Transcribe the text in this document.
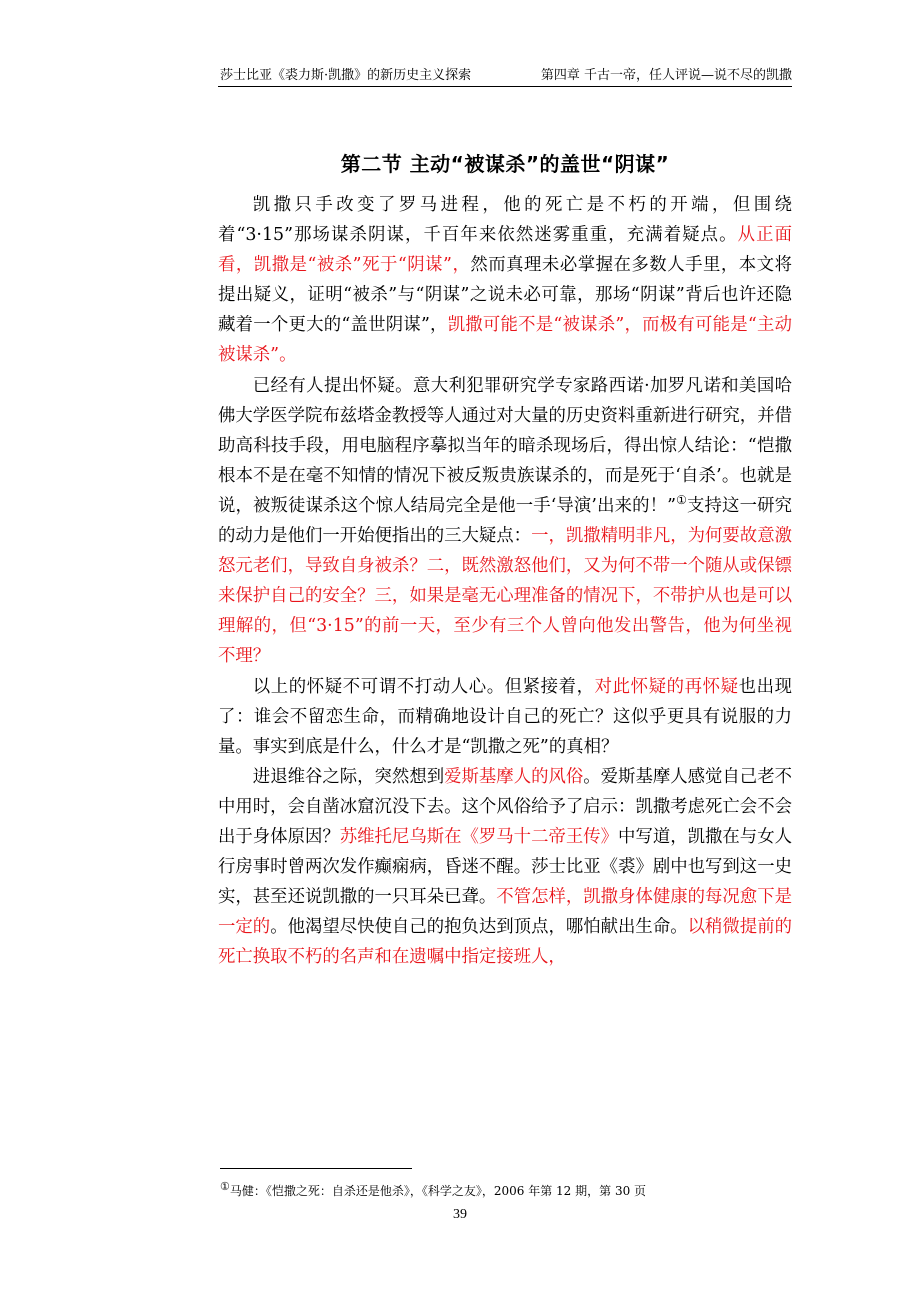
莎士比亚《裘力斯·凯撒》的新历史主义探索	第四章 千古一帝，任人评说—说不尽的凯撒
第二节 主动“被谋杀”的盖世“阴谋”

凯撒只手改变了罗马进程，他的死亡是不朽的开端，但围绕着“3·15”那场谋杀阴谋，千百年来依然迷雾重重，充满着疑点。从正面看，凯撒是“被杀”死于“阴谋”，然而真理未必掌握在多数人手里，本文将提出疑义，证明“被杀”与“阴谋”之说未必可靠，那场“阴谋”背后也许还隐藏着一个更大的“盖世阴谋”，凯撒可能不是“被谋杀”，而极有可能是“主动被谋杀”。

已经有人提出怀疑。意大利犯罪研究学专家路西诺·加罗凡诺和美国哈佛大学医学院布兹塔金教授等人通过对大量的历史资料重新进行研究，并借助高科技手段，用电脑程序摹拟当年的暗杀现场后，得出惊人结论：“恺撒根本不是在毫不知情的情况下被反叛贵族谋杀的，而是死于‘自杀’。也就是说，被叛徒谋杀这个惊人结局完全是他一手‘导演’出来的！”①支持这一研究的动力是他们一开始便指出的三大疑点：一，凯撒精明非凡，为何要故意激怒元老们，导致自身被杀？二，既然激怒他们，又为何不带一个随从或保镖来保护自己的安全？三，如果是毫无心理准备的情况下，不带护从也是可以理解的，但“3·15”的前一天，至少有三个人曾向他发出警告，他为何坐视不理？

以上的怀疑不可谓不打动人心。但紧接着，对此怀疑的再怀疑也出现了：谁会不留恋生命，而精确地设计自己的死亡？这似乎更具有说服的力量。事实到底是什么，什么才是“凯撒之死”的真相？

进退维谷之际，突然想到爱斯基摩人的风俗。爱斯基摩人感觉自己老不中用时，会自凿冰窟沉没下去。这个风俗给予了启示：凯撒考虑死亡会不会出于身体原因？苏维托尼乌斯在《罗马十二帝王传》中写道，凯撒在与女人行房事时曾两次发作癫痫病，昏迷不醒。莎士比亚《裘》剧中也写到这一史实，甚至还说凯撒的一只耳朵已聋。不管怎样，凯撒身体健康的每况愈下是一定的。他渴望尽快使自己的抱负达到顶点，哪怕献出生命。以稍微提前的死亡换取不朽的名声和在遗嘱中指定接班人，

①马健：《恺撒之死：自杀还是他杀》，《科学之友》，2006 年第 12 期，第 30 页
39
